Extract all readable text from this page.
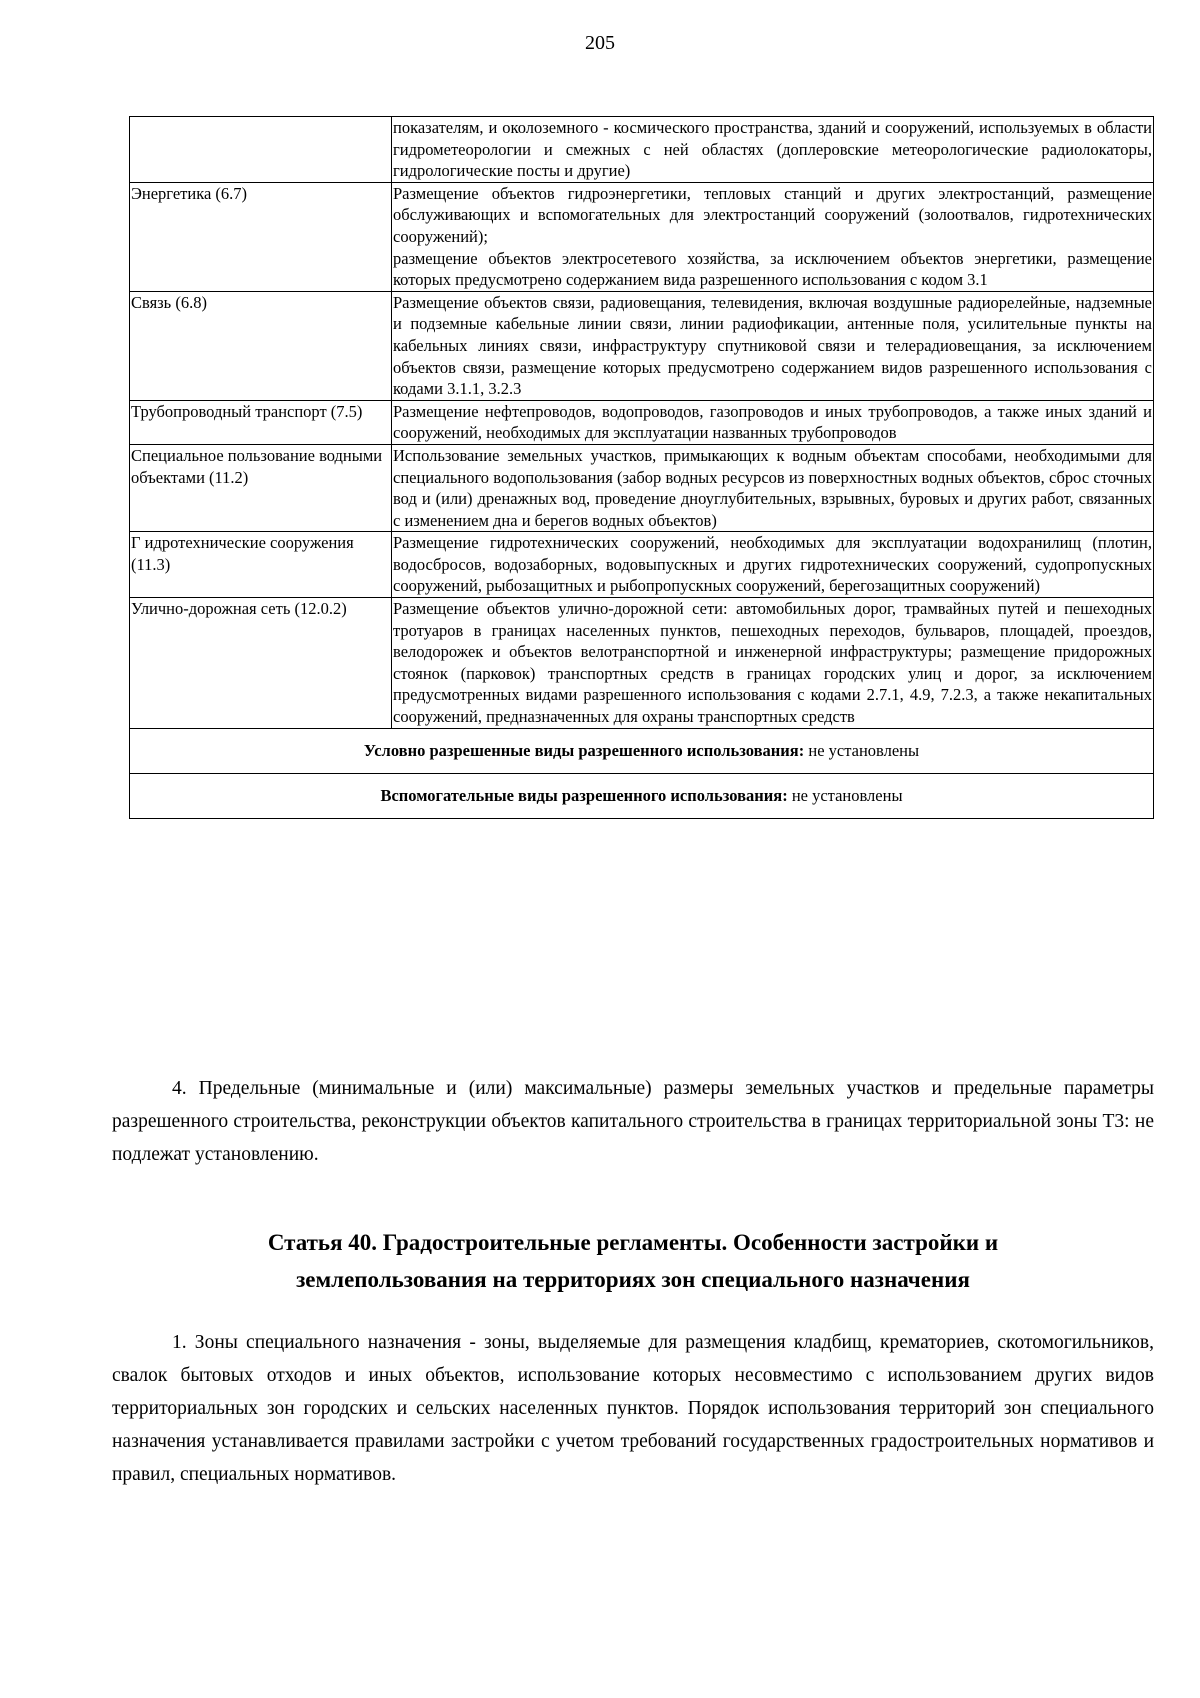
205
	показателям, и околоземного - космического пространства, зданий и сооружений, используемых в области гидрометеорологии и смежных с ней областях (доплеровские метеорологические радиолокаторы, гидрологические посты и другие)
Энергетика (6.7)	Размещение объектов гидроэнергетики, тепловых станций и других электростанций, размещение обслуживающих и вспомогательных для электростанций сооружений (золоотвалов, гидротехнических сооружений);
размещение объектов электросетевого хозяйства, за исключением объектов энергетики, размещение которых предусмотрено содержанием вида разрешенного использования с кодом 3.1

Связь (6.8)	Размещение объектов связи, радиовещания, телевидения, включая воздушные радиорелейные, надземные и подземные кабельные линии связи, линии радиофикации, антенные поля, усилительные пункты на кабельных линиях связи, инфраструктуру спутниковой связи и телерадиовещания, за исключением объектов связи, размещение которых предусмотрено содержанием видов разрешенного использования с кодами 3.1.1, 3.2.3
Трубопроводный транспорт (7.5)	Размещение нефтепроводов, водопроводов, газопроводов и иных трубопроводов, а также иных зданий и сооружений, необходимых для эксплуатации названных трубопроводов
Специальное пользование водными объектами (11.2)	Использование земельных участков, примыкающих к водным объектам способами, необходимыми для специального водопользования (забор водных ресурсов из поверхностных водных объектов, сброс сточных вод и (или) дренажных вод, проведение дноуглубительных, взрывных, буровых и других работ, связанных с изменением дна и берегов водных объектов)
Г идротехнические сооружения (11.3)	Размещение гидротехнических сооружений, необходимых для эксплуатации водохранилищ (плотин, водосбросов, водозаборных, водовыпускных и других гидротехнических сооружений, судопропускных сооружений, рыбозащитных и рыбопропускных сооружений, берегозащитных сооружений)
Улично-дорожная сеть (12.0.2)	Размещение объектов улично-дорожной сети: автомобильных дорог, трамвайных путей и пешеходных тротуаров в границах населенных пунктов, пешеходных переходов, бульваров, площадей, проездов, велодорожек и объектов велотранспортной и инженерной инфраструктуры; размещение придорожных стоянок (парковок) транспортных средств в границах городских улиц и дорог, за исключением предусмотренных видами разрешенного использования с кодами 2.7.1, 4.9, 7.2.3, а также некапитальных сооружений, предназначенных для охраны транспортных средств
Условно разрешенные виды разрешенного использования: не установлены	
Вспомогательные виды разрешенного использования: не установлены	
4. Предельные (минимальные и (или) максимальные) размеры земельных участков и предельные параметры разрешенного строительства, реконструкции объектов капитального строительства в границах территориальной зоны Т3: не подлежат установлению.
Статья 40. Градостроительные регламенты. Особенности застройки и
землепользования на территориях зон специального назначения
1. Зоны специального назначения - зоны, выделяемые для размещения кладбищ, крематориев, скотомогильников, свалок бытовых отходов и иных объектов, использование которых несовместимо с использованием других видов территориальных зон городских и сельских населенных пунктов. Порядок использования территорий зон специального назначения устанавливается правилами застройки с учетом требований государственных градостроительных нормативов и правил, специальных нормативов.
